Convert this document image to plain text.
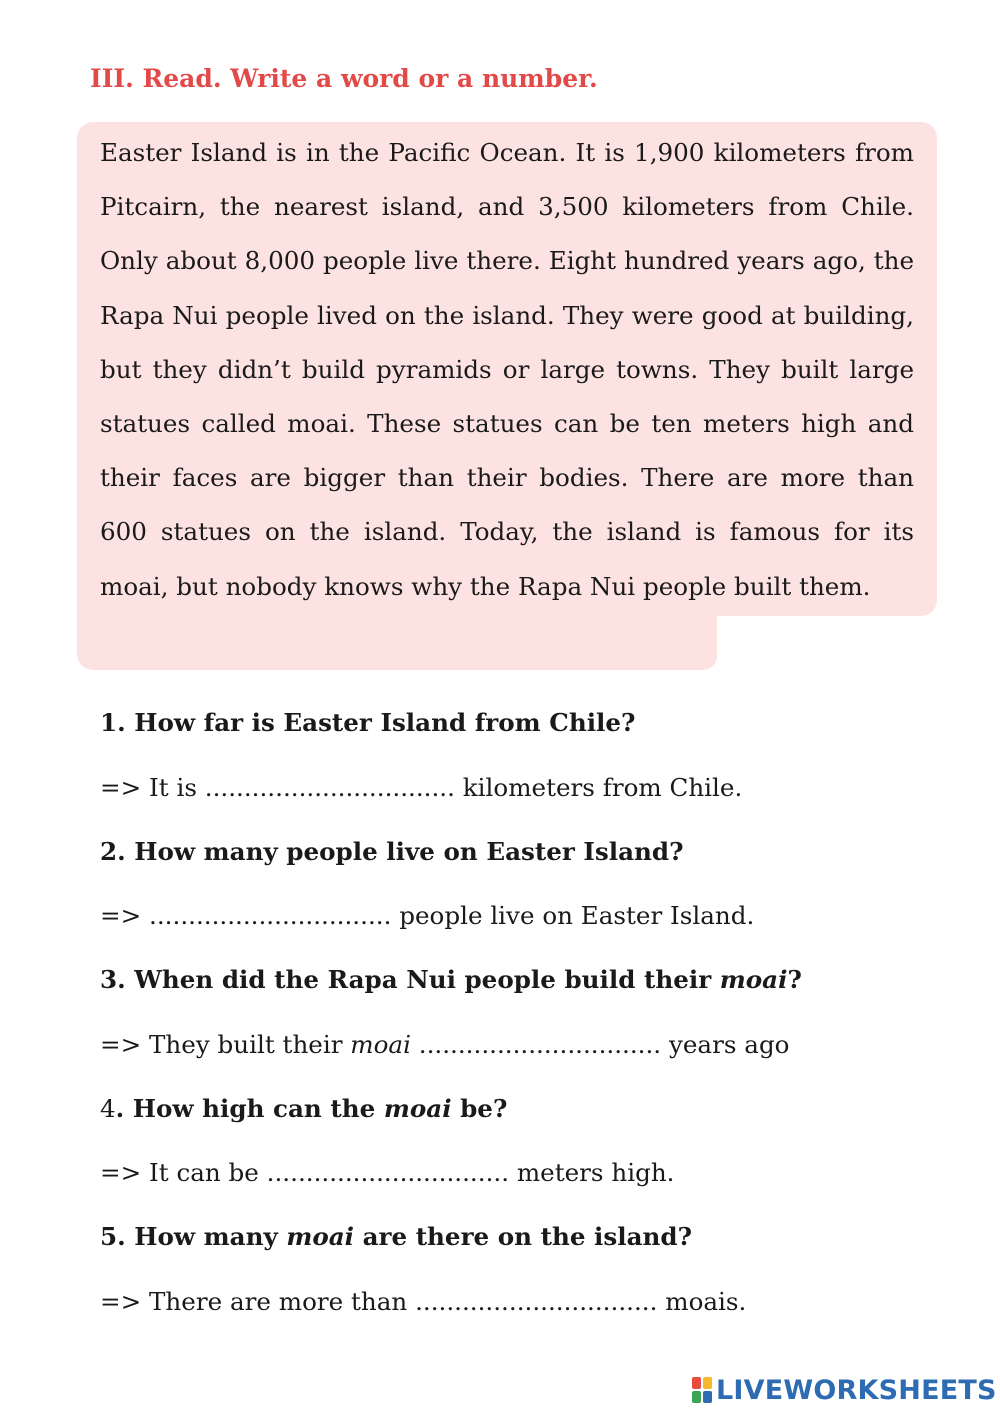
III. Read. Write a word or a number.

Easter Island is in the Pacific Ocean. It is 1,900 kilometers from Pitcairn, the nearest island, and 3,500 kilometers from Chile. Only about 8,000 people live there. Eight hundred years ago, the Rapa Nui people lived on the island. They were good at building, but they didn’t build pyramids or large towns. They built large statues called moai. These statues can be ten meters high and their faces are bigger than their bodies. There are more than 600 statues on the island. Today, the island is famous for its moai, but nobody knows why the Rapa Nui people built them.

1. How far is Easter Island from Chile?

=> It is ................................ kilometers from Chile.

2. How many people live on Easter Island?

=> ............................... people live on Easter Island.

3. When did the Rapa Nui people build their moai?

=> They built their moai ............................... years ago

4. How high can the moai be?

=> It can be ............................... meters high.

5. How many moai are there on the island?

=> There are more than ............................... moais.

LIVEWORKSHEETS
